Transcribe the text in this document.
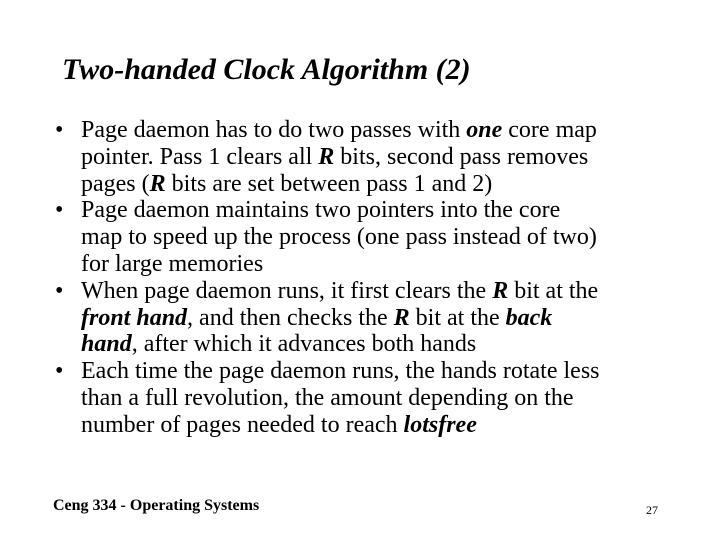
Two-handed Clock Algorithm (2)
• Page daemon has to do two passes with one core map
pointer. Pass 1 clears all R bits, second pass removes
pages (R bits are set between pass 1 and 2)
• Page daemon maintains two pointers into the core
map to speed up the process (one pass instead of two)
for large memories
• When page daemon runs, it first clears the R bit at the
front hand, and then checks the R bit at the back
hand, after which it advances both hands
• Each time the page daemon runs, the hands rotate less
than a full revolution, the amount depending on the
number of pages needed to reach lotsfree
Ceng 334 - Operating Systems	27
